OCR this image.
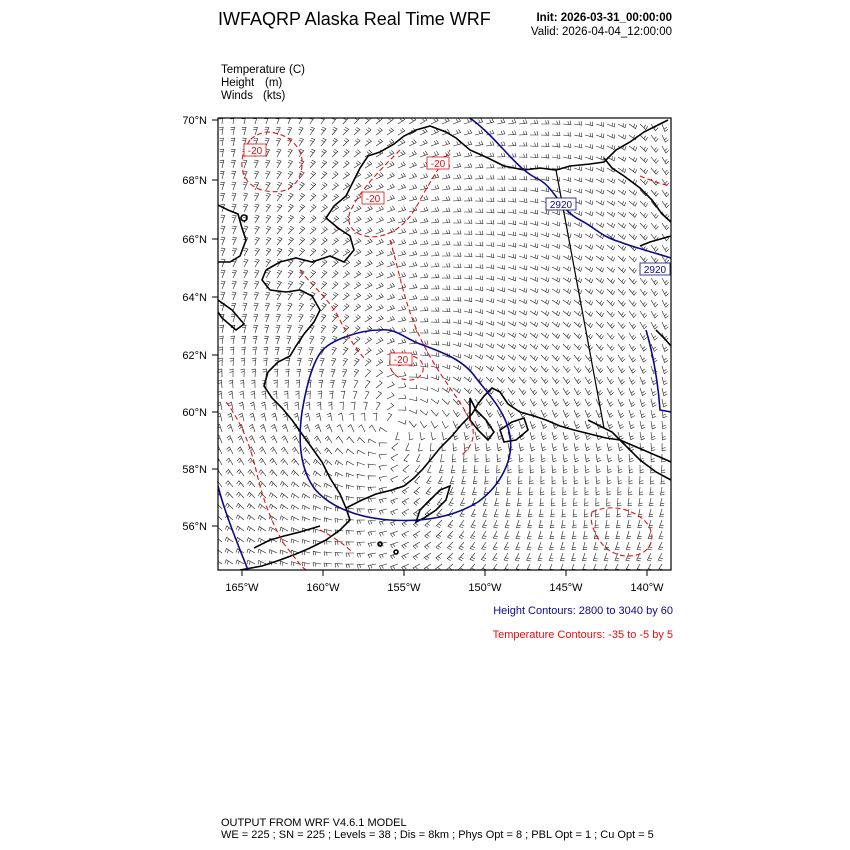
IWFAQRP Alaska Real Time WRF	Init: 2026-03-31_00:00:00
Valid: 2026-04-04_12:00:00
Temperature (C)
Height (m)
Winds (kts)
-20
-20
-20
-20
2920
2920
70°N
68°N
66°N
64°N
62°N
60°N
58°N
56°N
165°W	160°W	155°W	150°W	145°W	140°W
Height Contours: 2800 to 3040 by 60
Temperature Contours: -35 to -5 by 5
OUTPUT FROM WRF V4.6.1 MODEL
WE = 225 ; SN = 225 ; Levels = 38 ; Dis = 8km ; Phys Opt = 8 ; PBL Opt = 1 ; Cu Opt = 5
